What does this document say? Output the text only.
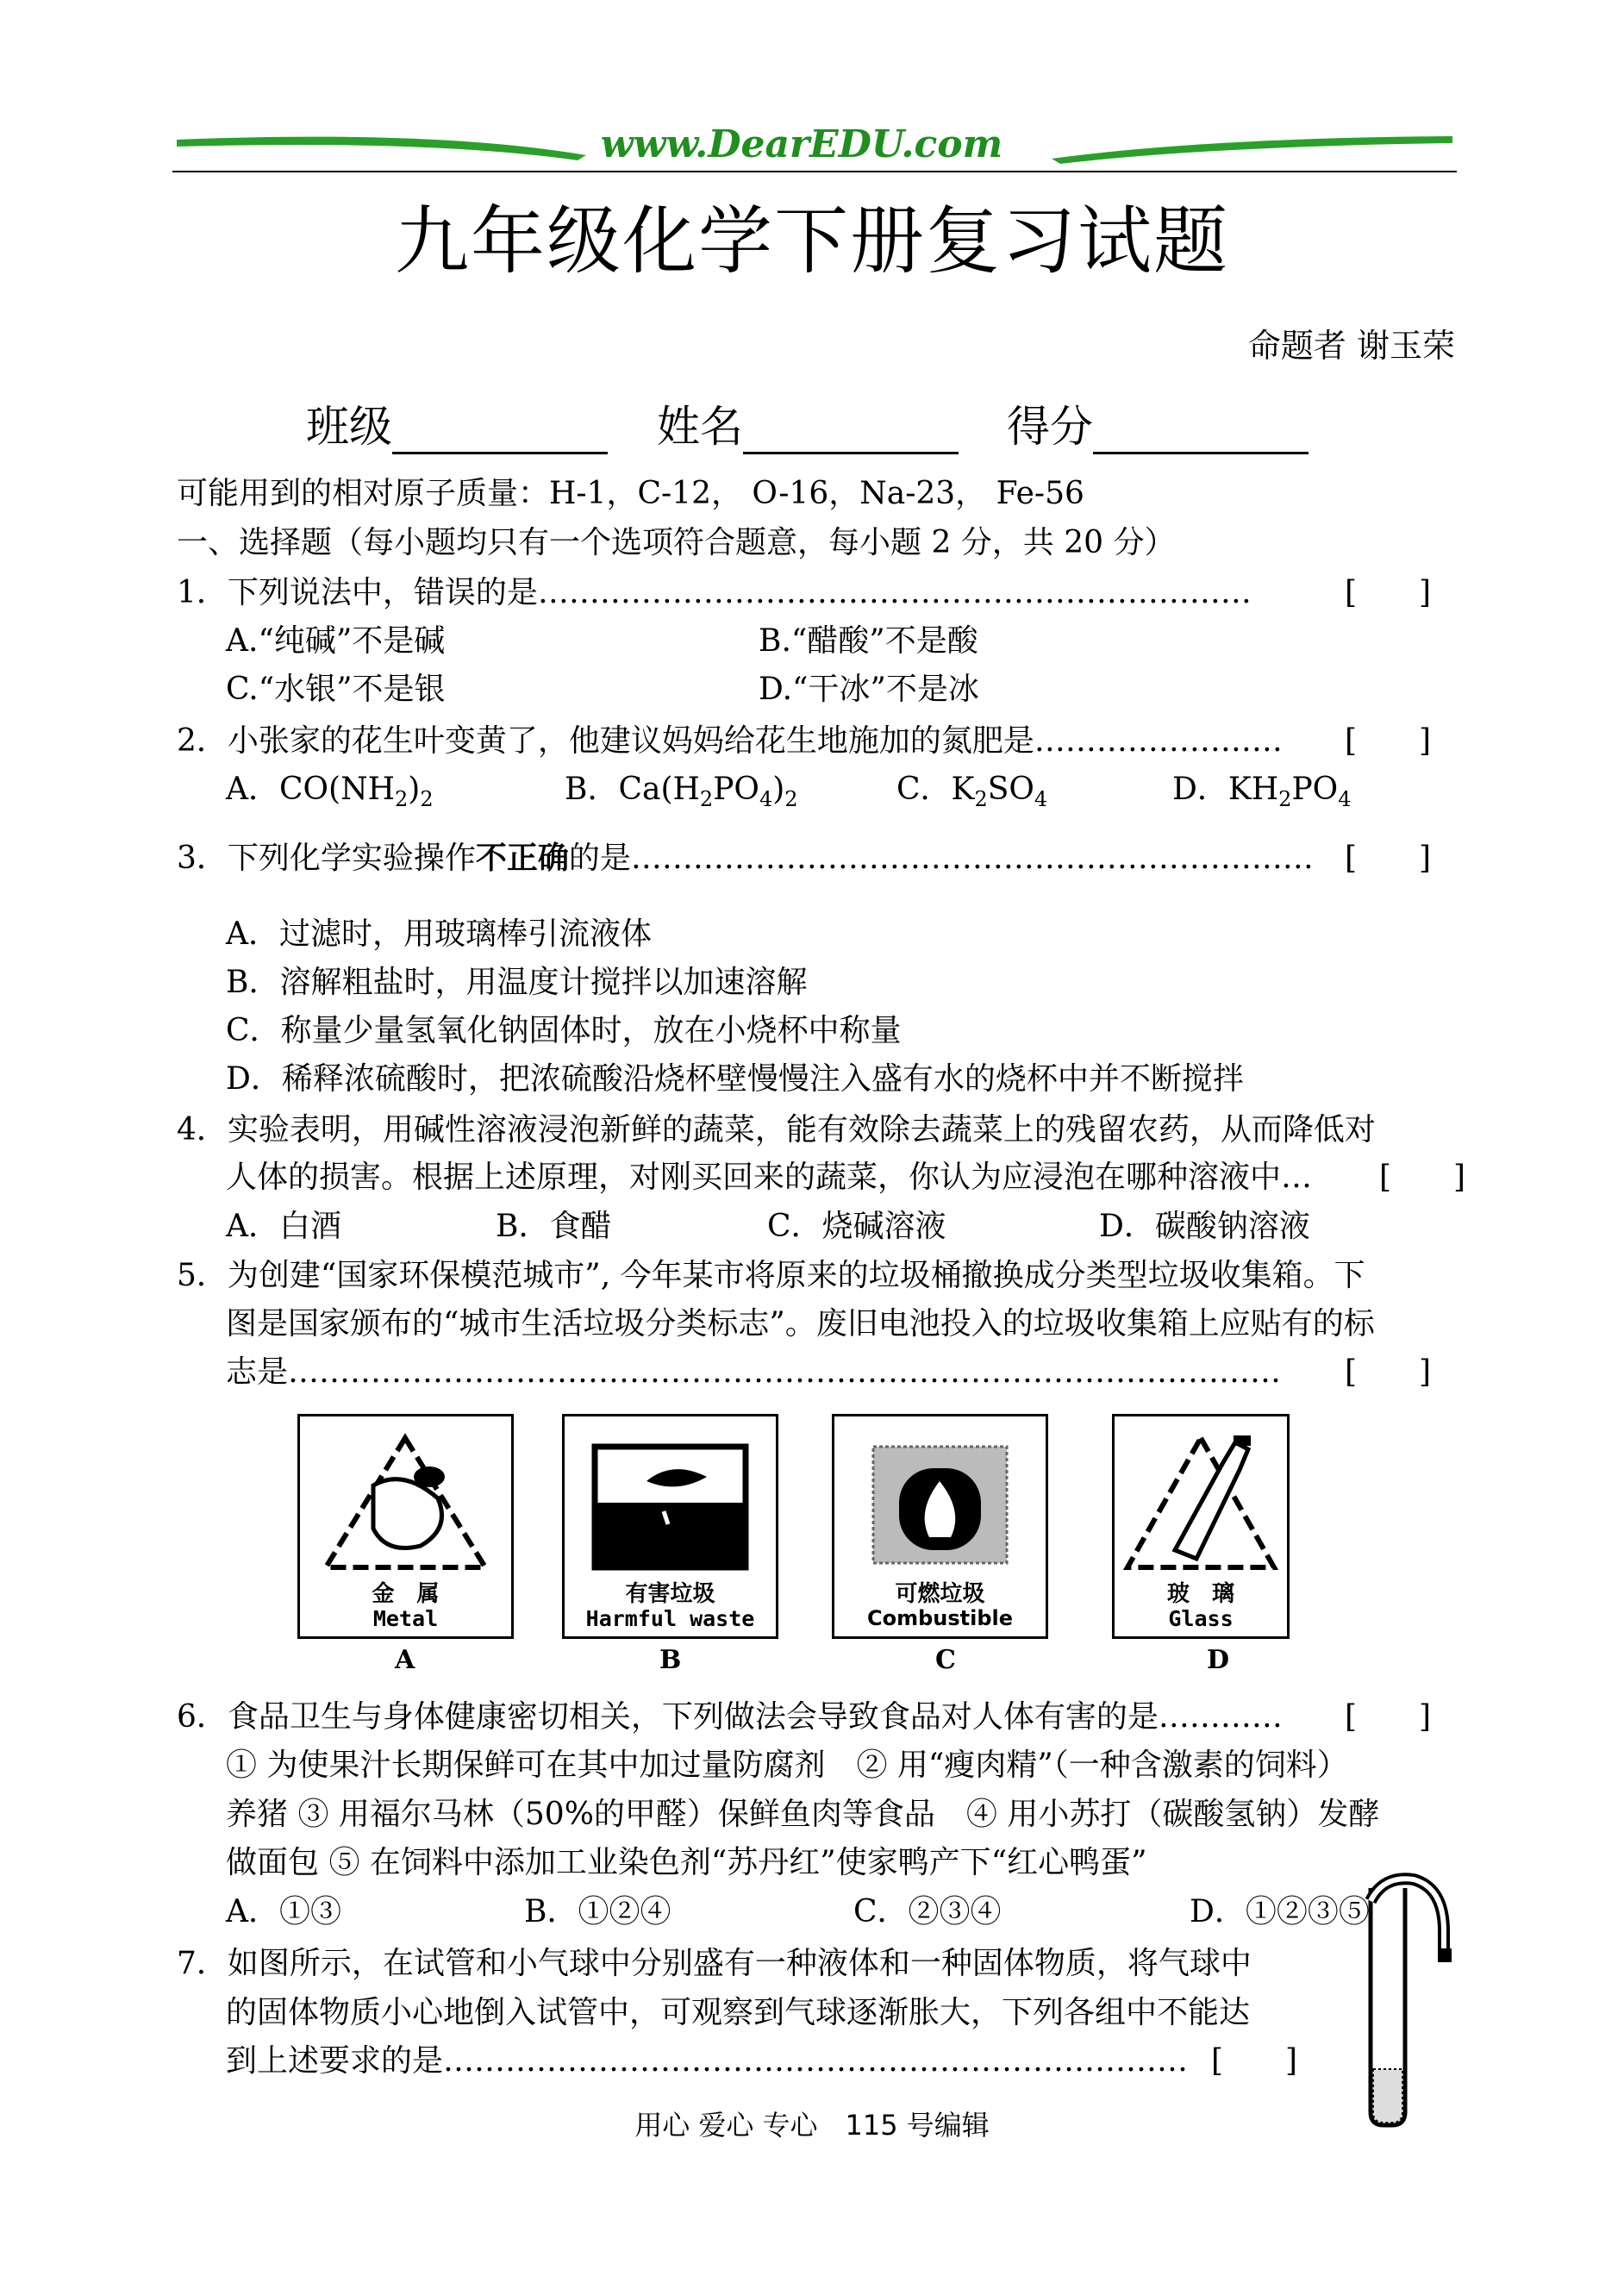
www.DearEDU.com
九年级化学下册复习试题
命题者 谢玉荣
班级	姓名	得分
可能用到的相对原子质量：H-1，C-12， O-16，Na-23， Fe-56
一、选择题（每小题均只有一个选项符合题意，每小题 2 分，共 20 分）
1．下列说法中，错误的是……………………………………………………………	[　　]
A.“纯碱”不是碱	B.“醋酸”不是酸
C.“水银”不是银	D.“干冰”不是冰
2．小张家的花生叶变黄了，他建议妈妈给花生地施加的氮肥是…………………… [　　]
A．$CO(NH_2)_2$	B．$Ca(H_2PO_4)_2$	C．$K_2SO_4$	D．$KH_2PO_4$
3．下列化学实验操作不正确的是………………………………………………………… [　　]
A．过滤时，用玻璃棒引流液体
B．溶解粗盐时，用温度计搅拌以加速溶解
C．称量少量氢氧化钠固体时，放在小烧杯中称量
D．稀释浓硫酸时，把浓硫酸沿烧杯壁慢慢注入盛有水的烧杯中并不断搅拌
4．实验表明，用碱性溶液浸泡新鲜的蔬菜，能有效除去蔬菜上的残留农药，从而降低对
人体的损害。根据上述原理，对刚买回来的蔬菜，你认为应浸泡在哪种溶液中… [　　]
A．白酒	B．食醋	C．烧碱溶液	D．碳酸钠溶液
5．为创建“国家环保模范城市”, 今年某市将原来的垃圾桶撤换成分类型垃圾收集箱。下
图是国家颁布的“城市生活垃圾分类标志”。废旧电池投入的垃圾收集箱上应贴有的标
志是…………………………………………………………………………………… [　　]
金　属
Metal
A
有害垃圾
Harmful waste
B
可燃垃圾
Combustible
C
玻　璃
Glass
D
6．食品卫生与身体健康密切相关，下列做法会导致食品对人体有害的是………… [　　]
① 为使果汁长期保鲜可在其中加过量防腐剂　② 用“瘦肉精”（一种含激素的饲料）
养猪 ③ 用福尔马林（50%的甲醛）保鲜鱼肉等食品　④ 用小苏打（碳酸氢钠）发酵
做面包 ⑤ 在饲料中添加工业染色剂“苏丹红”使家鸭产下“红心鸭蛋”
A．①③	B．①②④	C．②③④	D．①②③⑤
7．如图所示，在试管和小气球中分别盛有一种液体和一种固体物质，将气球中
的固体物质小心地倒入试管中，可观察到气球逐渐胀大，下列各组中不能达
到上述要求的是……………………………………………………………… [　　]
用心 爱心 专心　115 号编辑
